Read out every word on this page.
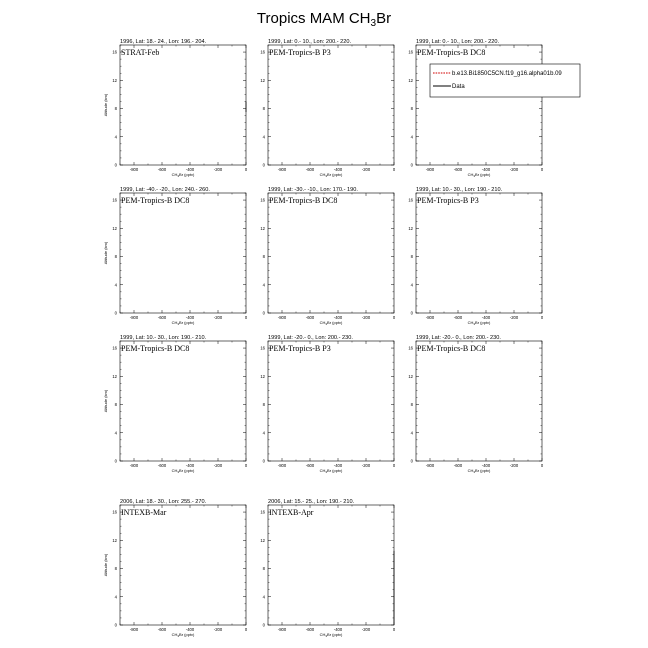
Tropics MAM $CH_3Br$
1996, Lat: 18.- 24., Lon: 196.- 204.
STRAT-Feb
-800	-600	-400	-200	0
0
4
8
12
16
$CH_3Br$ (pptv)
Altitude (km)
1999, Lat: 0.- 10., Lon: 200.- 220.
PEM-Tropics-B P3
-800	-600	-400	-200	0
0
4
8
12
16
$CH_3Br$ (pptv)
1999, Lat: 0.- 10., Lon: 200.- 220.
PEM-Tropics-B DC8
-800	-600	-400	-200	0
0
4
8
12
16
$CH_3Br$ (pptv)
b.e13.Bi1850C5CN.f19_g16.alpha01b.09
Data
1999, Lat: -40.- -20., Lon: 240.- 260.
PEM-Tropics-B DC8
-800	-600	-400	-200	0
0
4
8
12
16
$CH_3Br$ (pptv)
Altitude (km)
1999, Lat: -30.- -10., Lon: 170.- 190.
PEM-Tropics-B DC8
-800	-600	-400	-200	0
0
4
8
12
16
$CH_3Br$ (pptv)
1999, Lat: 10.- 30., Lon: 190.- 210.
PEM-Tropics-B P3
-800	-600	-400	-200	0
0
4
8
12
16
$CH_3Br$ (pptv)
1999, Lat: 10.- 30., Lon: 190.- 210.
PEM-Tropics-B DC8
-800	-600	-400	-200	0
0
4
8
12
16
$CH_3Br$ (pptv)
Altitude (km)
1999, Lat: -20.- 0., Lon: 200.- 230.
PEM-Tropics-B P3
-800	-600	-400	-200	0
0
4
8
12
16
$CH_3Br$ (pptv)
1999, Lat: -20.- 0., Lon: 200.- 230.
PEM-Tropics-B DC8
-800	-600	-400	-200	0
0
4
8
12
16
$CH_3Br$ (pptv)
2006, Lat: 18.- 30., Lon: 255.- 270.
INTEXB-Mar
-800	-600	-400	-200	0
0
4
8
12
16
$CH_3Br$ (pptv)
Altitude (km)
2006, Lat: 15.- 25., Lon: 190.- 210.
INTEXB-Apr
-800	-600	-400	-200	0
0
4
8
12
16
$CH_3Br$ (pptv)
